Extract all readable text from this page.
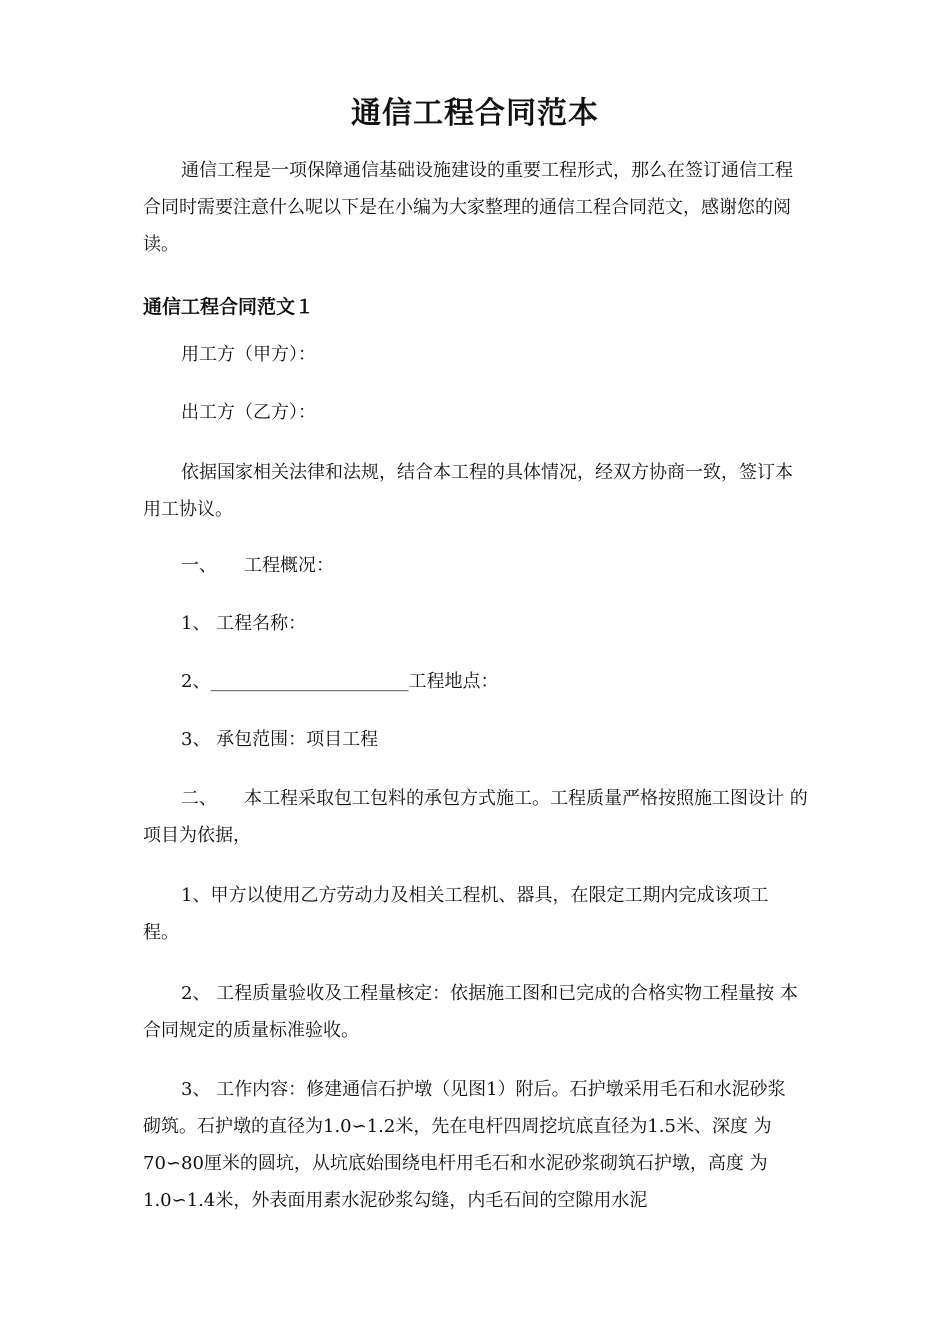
通信工程合同范本

通信工程是一项保障通信基础设施建设的重要工程形式，那么在签订通信工程合同时需要注意什么呢以下是在小编为大家整理的通信工程合同范文，感谢您的阅读。

通信工程合同范文１
用工方（甲方）：
出工方（乙方）：

依据国家相关法律和法规，结合本工程的具体情况，经双方协商一致，签订本用工协议。

一、　　工程概况：
1、 工程名称：
2、______________________工程地点：
3、 承包范围：项目工程

二、　　本工程采取包工包料的承包方式施工。工程质量严格按照施工图设计 的项目为依据，

1、甲方以使用乙方劳动力及相关工程机、器具，在限定工期内完成该项工 程。

2、 工程质量验收及工程量核定：依据施工图和已完成的合格实物工程量按 本合同规定的质量标准验收。

3、 工作内容：修建通信石护墩（见图1）附后。石护墩采用毛石和水泥砂浆 砌筑。石护墩的直径为1.0∽1.2米，先在电杆四周挖坑底直径为1.5米、深度 为70∽80厘米的圆坑，从坑底始围绕电杆用毛石和水泥砂浆砌筑石护墩，高度 为1.0∽1.4米，外表面用素水泥砂浆勾缝，内毛石间的空隙用水泥
